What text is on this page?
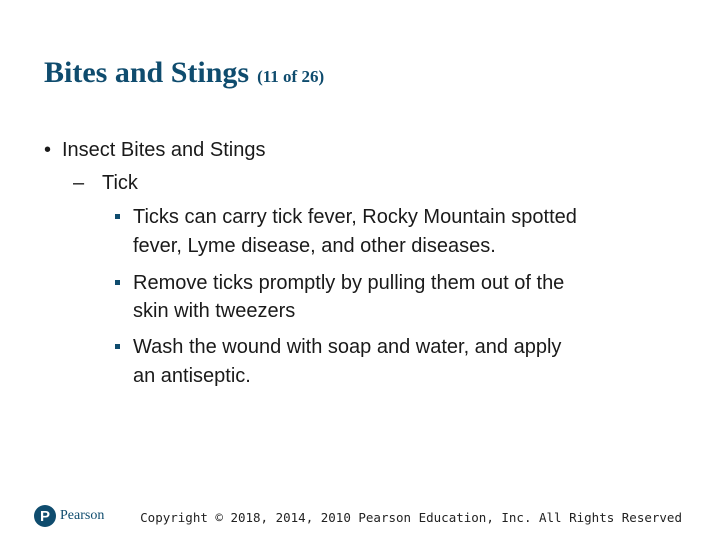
Bites and Stings (11 of 26)
• Insect Bites and Stings
– Tick
Ticks can carry tick fever, Rocky Mountain spotted
fever, Lyme disease, and other diseases.
Remove ticks promptly by pulling them out of the
skin with tweezers
Wash the wound with soap and water, and apply
an antiseptic.
P Pearson	Copyright © 2018, 2014, 2010 Pearson Education, Inc. All Rights Reserved
